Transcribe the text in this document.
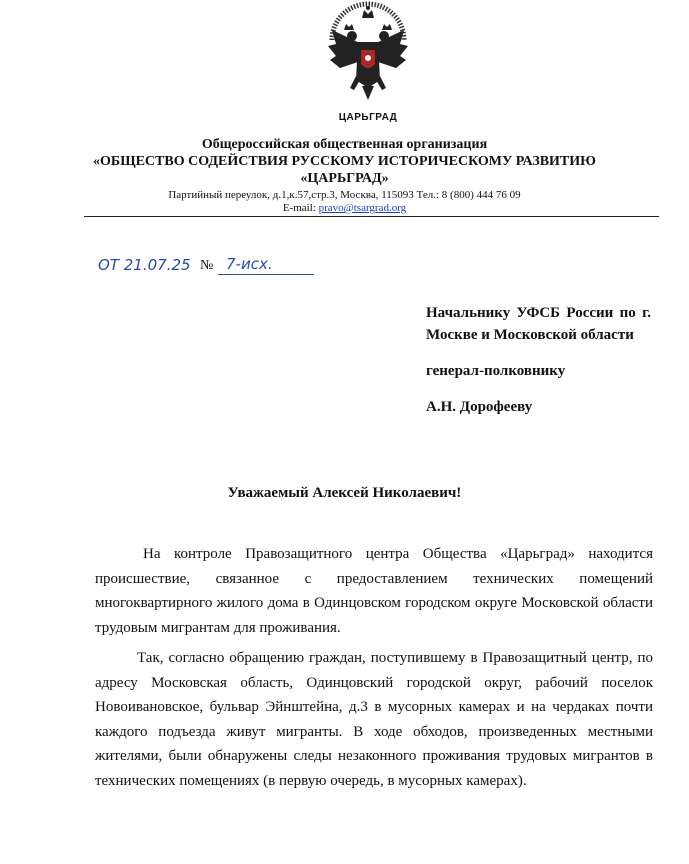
ЦАРЬГРАД
Общероссийская общественная организация
«ОБЩЕСТВО СОДЕЙСТВИЯ РУССКОМУ ИСТОРИЧЕСКОМУ РАЗВИТИЮ
«ЦАРЬГРАД»
Партийный переулок, д.1,к.57,стр.3, Москва, 115093 Тел.: 8 (800) 444 76 09
E-mail: pravo@tsargrad.org
ОТ 21.07.25 № 7-исх.
Начальнику УФСБ России по г. Москве и Московской области
генерал-полковнику
А.Н. Дорофееву
Уважаемый Алексей Николаевич!

На контроле Правозащитного центра Общества «Царьград» находится происшествие, связанное с предоставлением технических помещений многоквартирного жилого дома в Одинцовском городском округе Московской области трудовым мигрантам для проживания.

Так, согласно обращению граждан, поступившему в Правозащитный центр, по адресу Московская область, Одинцовский городской округ, рабочий поселок Новоивановское, бульвар Эйнштейна, д.3 в мусорных камерах и на чердаках почти каждого подъезда живут мигранты. В ходе обходов, произведенных местными жителями, были обнаружены следы незаконного проживания трудовых мигрантов в технических помещениях (в первую очередь, в мусорных камерах).
